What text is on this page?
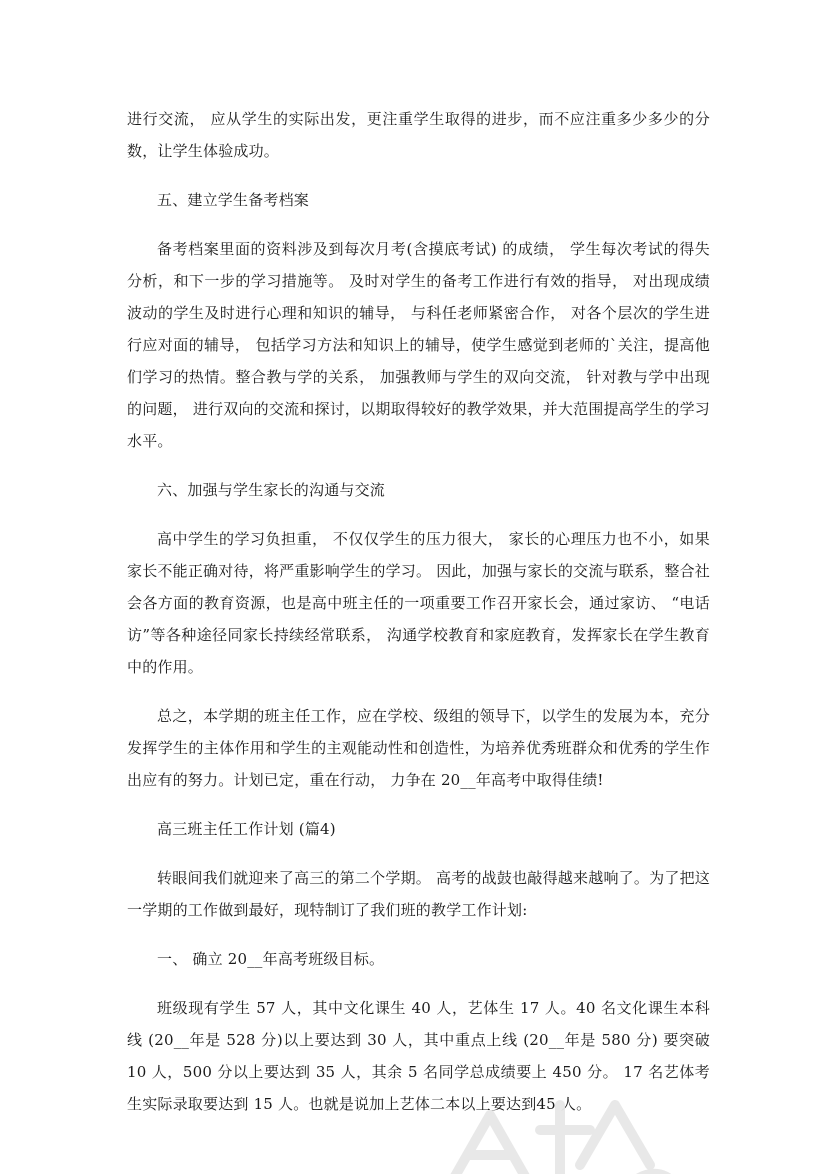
进行交流， 应从学生的实际出发，更注重学生取得的进步，而不应注重多少多少的分数，让学生体验成功。

五、建立学生备考档案

备考档案里面的资料涉及到每次月考(含摸底考试) 的成绩， 学生每次考试的得失分析，和下一步的学习措施等。 及时对学生的备考工作进行有效的指导， 对出现成绩波动的学生及时进行心理和知识的辅导， 与科任老师紧密合作， 对各个层次的学生进行应对面的辅导， 包括学习方法和知识上的辅导，使学生感觉到老师的`关注，提高他们学习的热情。整合教与学的关系， 加强教师与学生的双向交流， 针对教与学中出现的问题， 进行双向的交流和探讨，以期取得较好的教学效果，并大范围提高学生的学习水平。

六、加强与学生家长的沟通与交流

高中学生的学习负担重， 不仅仅学生的压力很大， 家长的心理压力也不小，如果家长不能正确对待，将严重影响学生的学习。 因此，加强与家长的交流与联系，整合社会各方面的教育资源，也是高中班主任的一项重要工作召开家长会，通过家访、 “电话访”等各种途径同家长持续经常联系， 沟通学校教育和家庭教育，发挥家长在学生教育中的作用。

总之，本学期的班主任工作，应在学校、级组的领导下，以学生的发展为本，充分发挥学生的主体作用和学生的主观能动性和创造性，为培养优秀班群众和优秀的学生作出应有的努力。计划已定，重在行动， 力争在 20__年高考中取得佳绩!

高三班主任工作计划 (篇4)

转眼间我们就迎来了高三的第二个学期。 高考的战鼓也敲得越来越响了。为了把这一学期的工作做到最好，现特制订了我们班的教学工作计划:

一、 确立 20__年高考班级目标。

班级现有学生 57 人，其中文化课生 40 人，艺体生 17 人。40 名文化课生本科线 (20__年是 528 分)以上要达到 30 人，其中重点上线 (20__年是 580 分) 要突破 10 人，500 分以上要达到 35 人，其余 5 名同学总成绩要上 450 分。 17 名艺体考生实际录取要达到 15 人。也就是说加上艺体二本以上要达到45 人。
